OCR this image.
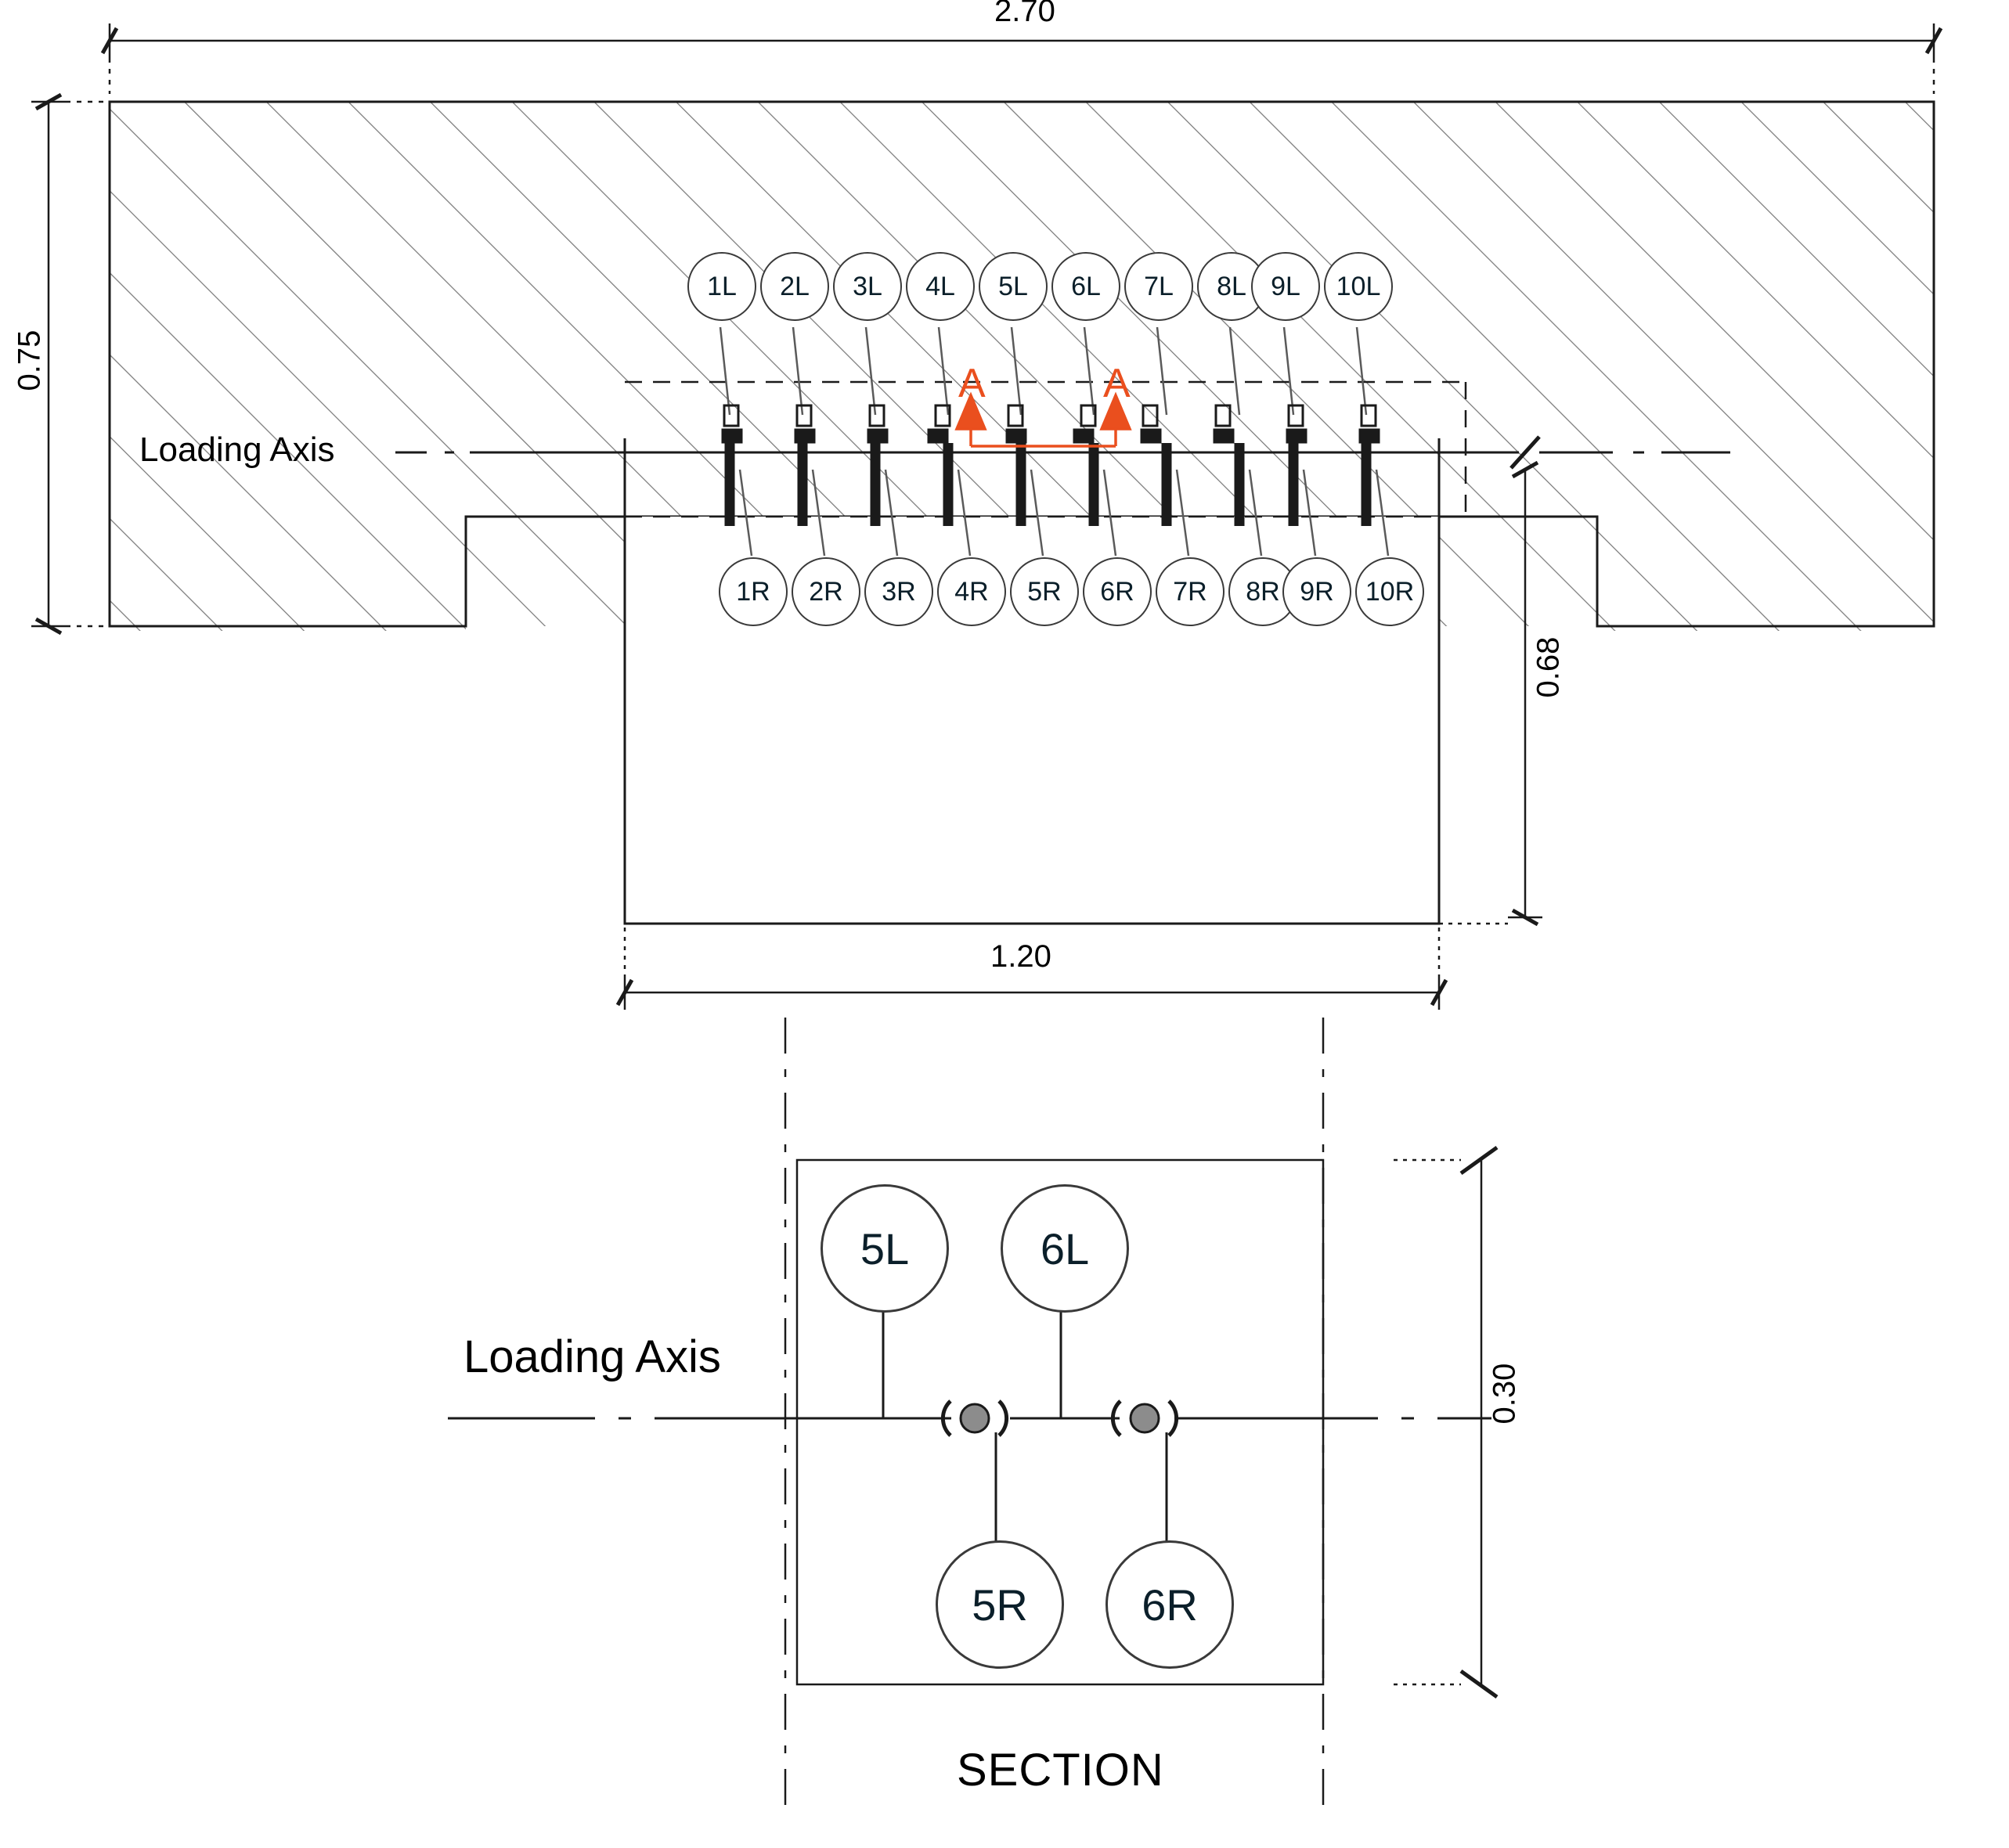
2.70
0.75
0.68
1.20
0.30
Loading Axis
Loading Axis
SECTION
A	A
1L	2L	3L	4L	5L	6L	7L	8L 9L	10L
1R	2R	3R	4R	5R	6R	7R	8R 9R	10R
5L	6L
5R	6R
